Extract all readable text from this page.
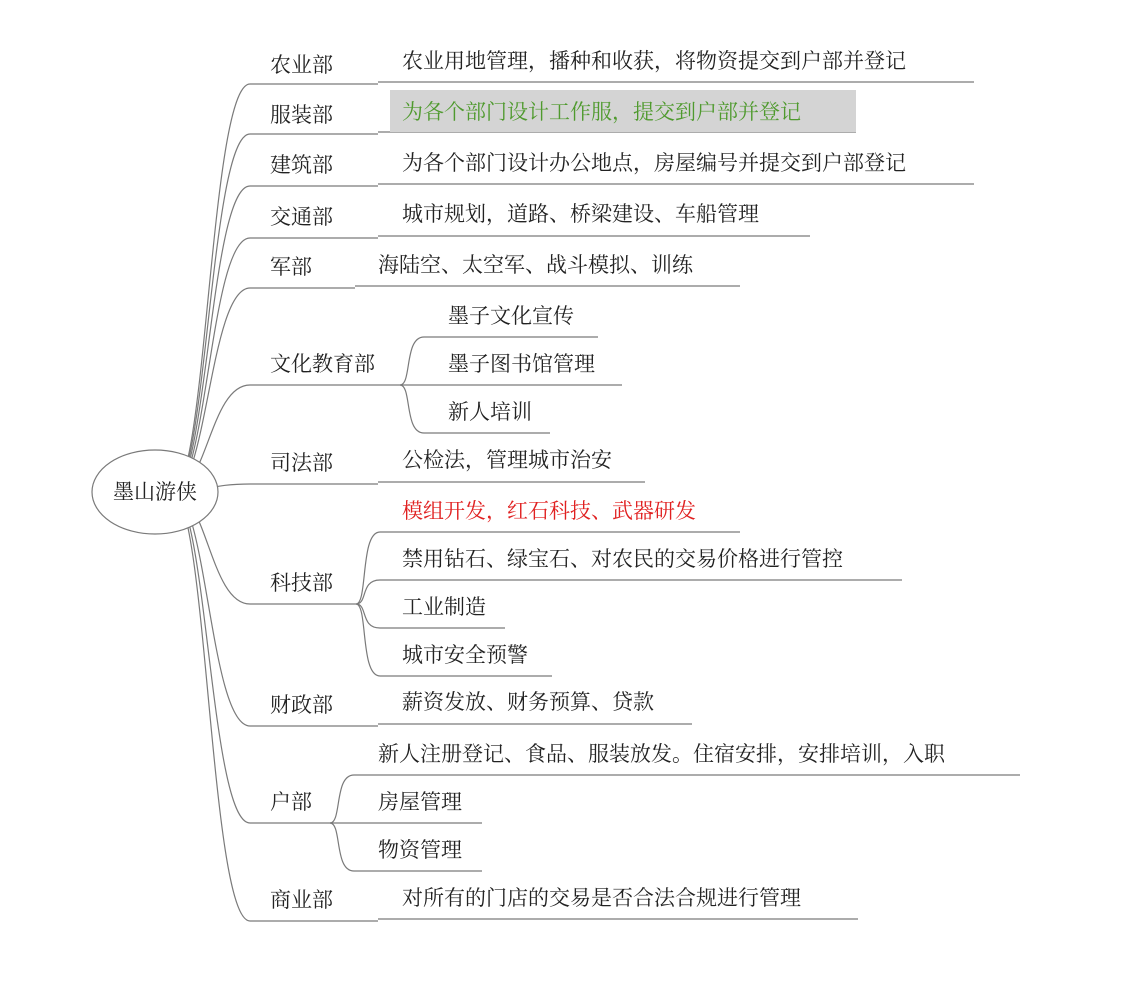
农业部	农业用地管理，播种和收获，将物资提交到户部并登记
服装部	为各个部门设计工作服，提交到户部并登记
建筑部	为各个部门设计办公地点，房屋编号并提交到户部登记
交通部	城市规划，道路、桥梁建设、车船管理
军部	海陆空、太空军、战斗模拟、训练
文化教育部
墨子文化宣传
墨子图书馆管理
新人培训
司法部	公检法，管理城市治安
科技部
模组开发，红石科技、武器研发
禁用钻石、绿宝石、对农民的交易价格进行管控
工业制造
城市安全预警
财政部	薪资发放、财务预算、贷款
户部
新人注册登记、食品、服装放发。住宿安排，安排培训，入职
房屋管理
物资管理
商业部	对所有的门店的交易是否合法合规进行管理
墨山游侠
